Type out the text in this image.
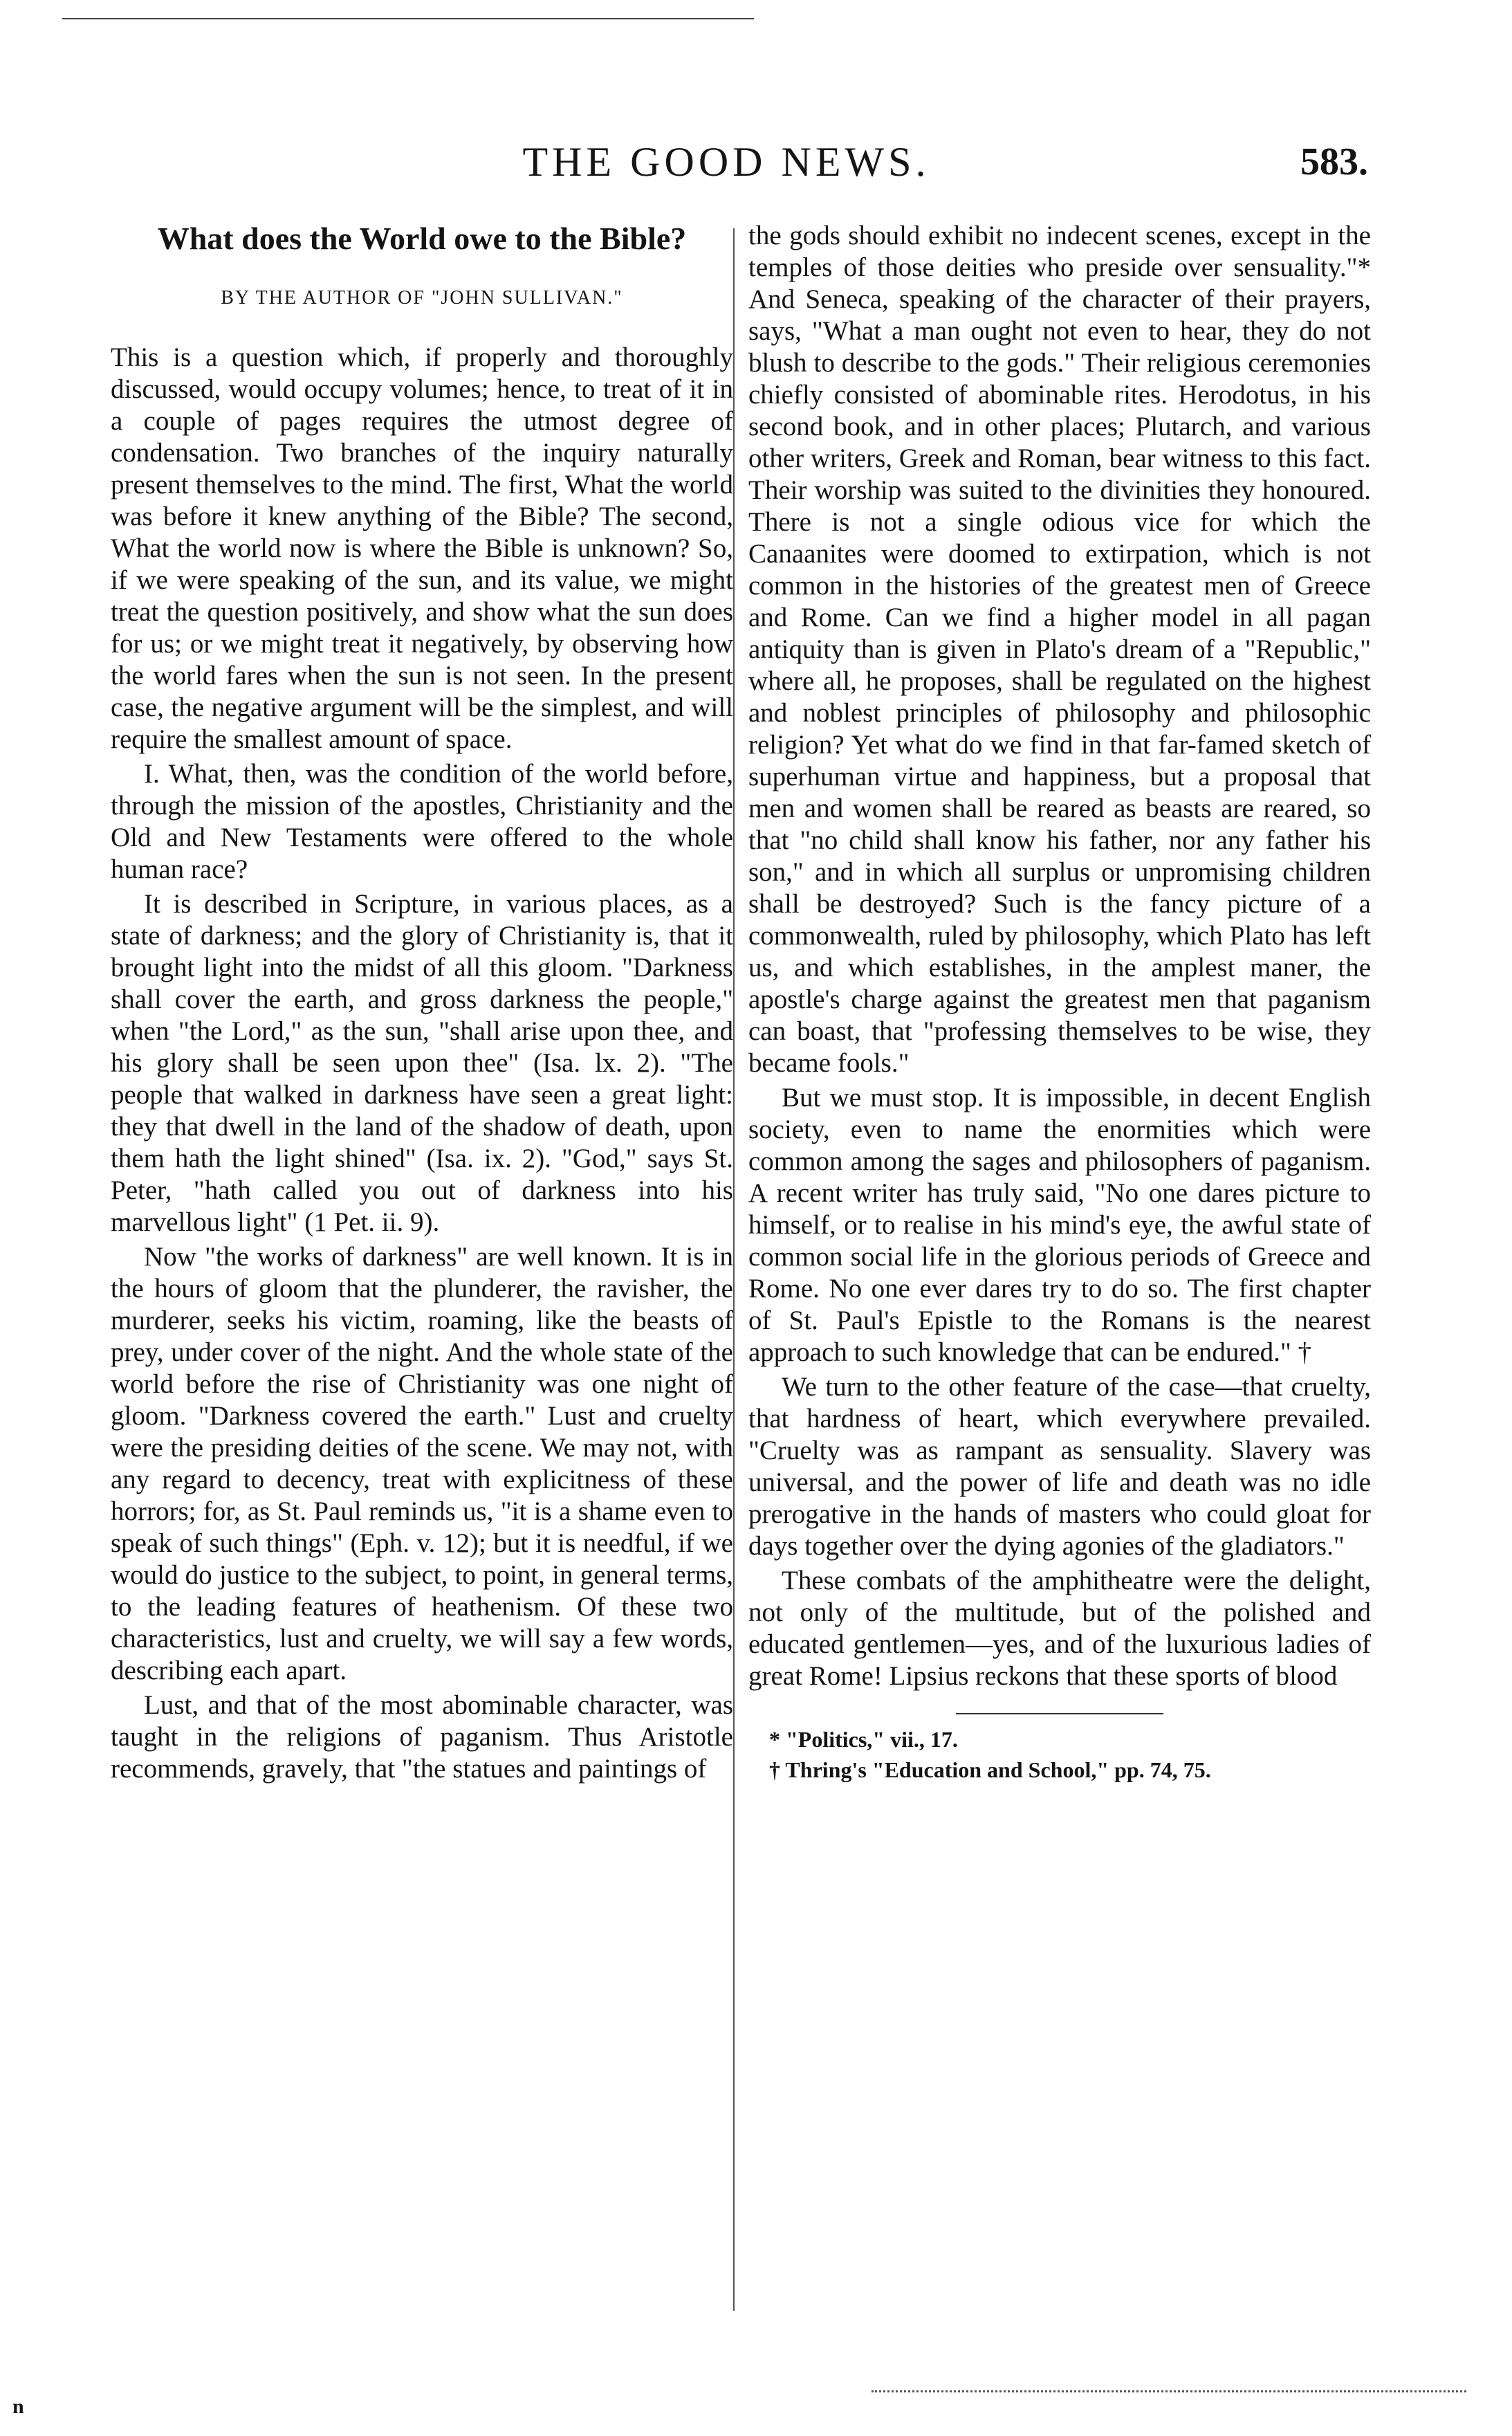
THE GOOD NEWS.	583.
What does the World owe to the Bible?
BY THE AUTHOR OF "JOHN SULLIVAN."

This is a question which, if properly and thoroughly discussed, would occupy volumes; hence, to treat of it in a couple of pages requires the utmost degree of condensation. Two branches of the inquiry naturally present themselves to the mind. The first, What the world was before it knew anything of the Bible? The second, What the world now is where the Bible is unknown? So, if we were speaking of the sun, and its value, we might treat the question positively, and show what the sun does for us; or we might treat it negatively, by observing how the world fares when the sun is not seen. In the present case, the negative argument will be the simplest, and will require the smallest amount of space.

I. What, then, was the condition of the world before, through the mission of the apostles, Christianity and the Old and New Testaments were offered to the whole human race?

It is described in Scripture, in various places, as a state of darkness; and the glory of Christianity is, that it brought light into the midst of all this gloom. "Darkness shall cover the earth, and gross darkness the people," when "the Lord," as the sun, "shall arise upon thee, and his glory shall be seen upon thee" (Isa. lx. 2). "The people that walked in darkness have seen a great light: they that dwell in the land of the shadow of death, upon them hath the light shined" (Isa. ix. 2). "God," says St. Peter, "hath called you out of darkness into his marvellous light" (1 Pet. ii. 9).

Now "the works of darkness" are well known. It is in the hours of gloom that the plunderer, the ravisher, the murderer, seeks his victim, roaming, like the beasts of prey, under cover of the night. And the whole state of the world before the rise of Christianity was one night of gloom. "Darkness covered the earth." Lust and cruelty were the presiding deities of the scene. We may not, with any regard to decency, treat with explicitness of these horrors; for, as St. Paul reminds us, "it is a shame even to speak of such things" (Eph. v. 12); but it is needful, if we would do justice to the subject, to point, in general terms, to the leading features of heathenism. Of these two characteristics, lust and cruelty, we will say a few words, describing each apart.

Lust, and that of the most abominable character, was taught in the religions of paganism. Thus Aristotle recommends, gravely, that "the statues and paintings of

the gods should exhibit no indecent scenes, except in the temples of those deities who preside over sensuality."* And Seneca, speaking of the character of their prayers, says, "What a man ought not even to hear, they do not blush to describe to the gods." Their religious ceremonies chiefly consisted of abominable rites. Herodotus, in his second book, and in other places; Plutarch, and various other writers, Greek and Roman, bear witness to this fact. Their worship was suited to the divinities they honoured. There is not a single odious vice for which the Canaanites were doomed to extirpation, which is not common in the histories of the greatest men of Greece and Rome. Can we find a higher model in all pagan antiquity than is given in Plato's dream of a "Republic," where all, he proposes, shall be regulated on the highest and noblest principles of philosophy and philosophic religion? Yet what do we find in that far-famed sketch of superhuman virtue and happiness, but a proposal that men and women shall be reared as beasts are reared, so that "no child shall know his father, nor any father his son," and in which all surplus or unpromising children shall be destroyed? Such is the fancy picture of a commonwealth, ruled by philosophy, which Plato has left us, and which establishes, in the amplest maner, the apostle's charge against the greatest men that paganism can boast, that "professing themselves to be wise, they became fools."

But we must stop. It is impossible, in decent English society, even to name the enormities which were common among the sages and philosophers of paganism. A recent writer has truly said, "No one dares picture to himself, or to realise in his mind's eye, the awful state of common social life in the glorious periods of Greece and Rome. No one ever dares try to do so. The first chapter of St. Paul's Epistle to the Romans is the nearest approach to such knowledge that can be endured." †

We turn to the other feature of the case—that cruelty, that hardness of heart, which everywhere prevailed. "Cruelty was as rampant as sensuality. Slavery was universal, and the power of life and death was no idle prerogative in the hands of masters who could gloat for days together over the dying agonies of the gladiators."

These combats of the amphitheatre were the delight, not only of the multitude, but of the polished and educated gentlemen—yes, and of the luxurious ladies of great Rome! Lipsius reckons that these sports of blood

* "Politics," vii., 17.

† Thring's "Education and School," pp. 74, 75.

n
